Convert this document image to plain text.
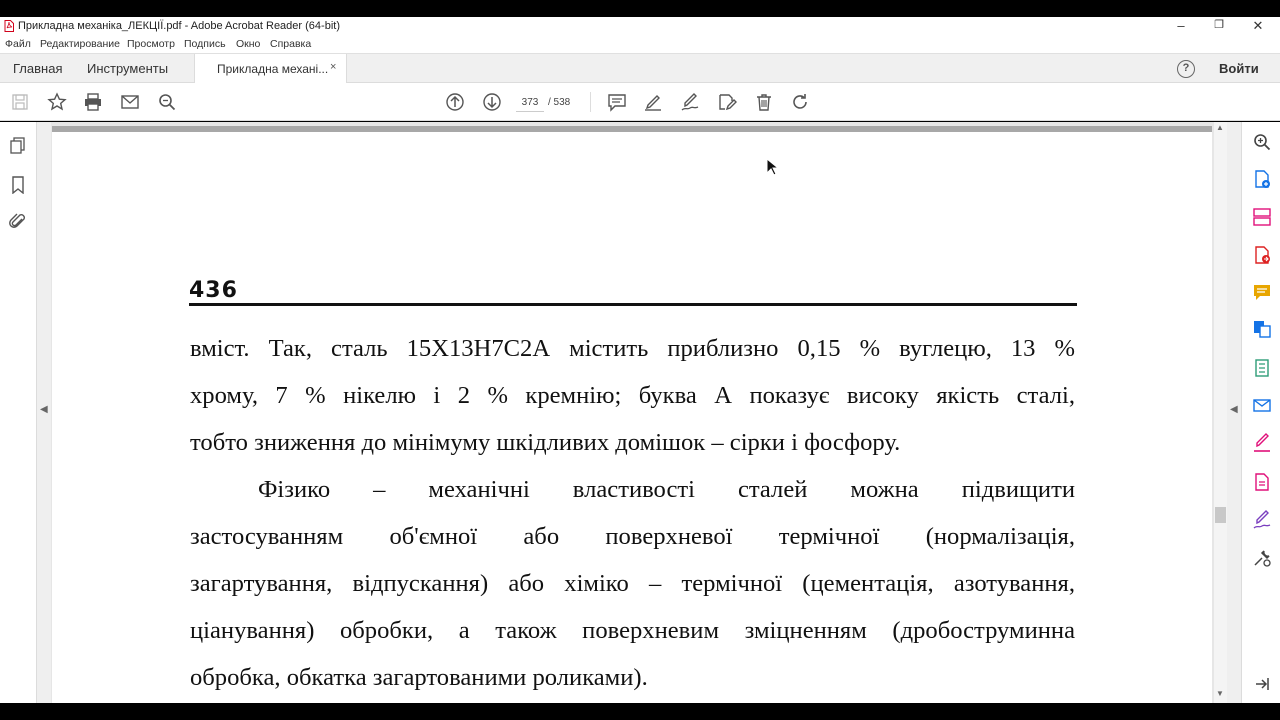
Прикладна механіка_ЛЕКЦІЇ.pdf - Adobe Acrobat Reader (64-bit)	–	❐	✕
Файл Редактирование Просмотр Подпись Окно Справка
Главная Инструменты	Прикладна механі... ×	?	Войти
373 / 538
◀
436

вміст. Так, сталь 15Х13Н7С2А містить приблизно 0,15 % вуглецю, 13 %

хрому, 7 % нікелю і 2 % кремнію; буква А показує високу якість сталі,

тобто зниження до мінімуму шкідливих домішок – сірки і фосфору.

Фізико – механічні властивості сталей можна підвищити

застосуванням об'ємної або поверхневої термічної (нормалізація,

загартування, відпускання) або хіміко – термічної (цементація, азотування,

ціанування) обробки, а також поверхневим зміцненням (дробоструминна

обробка, обкатка загартованими роликами).

▲
▼
◀
